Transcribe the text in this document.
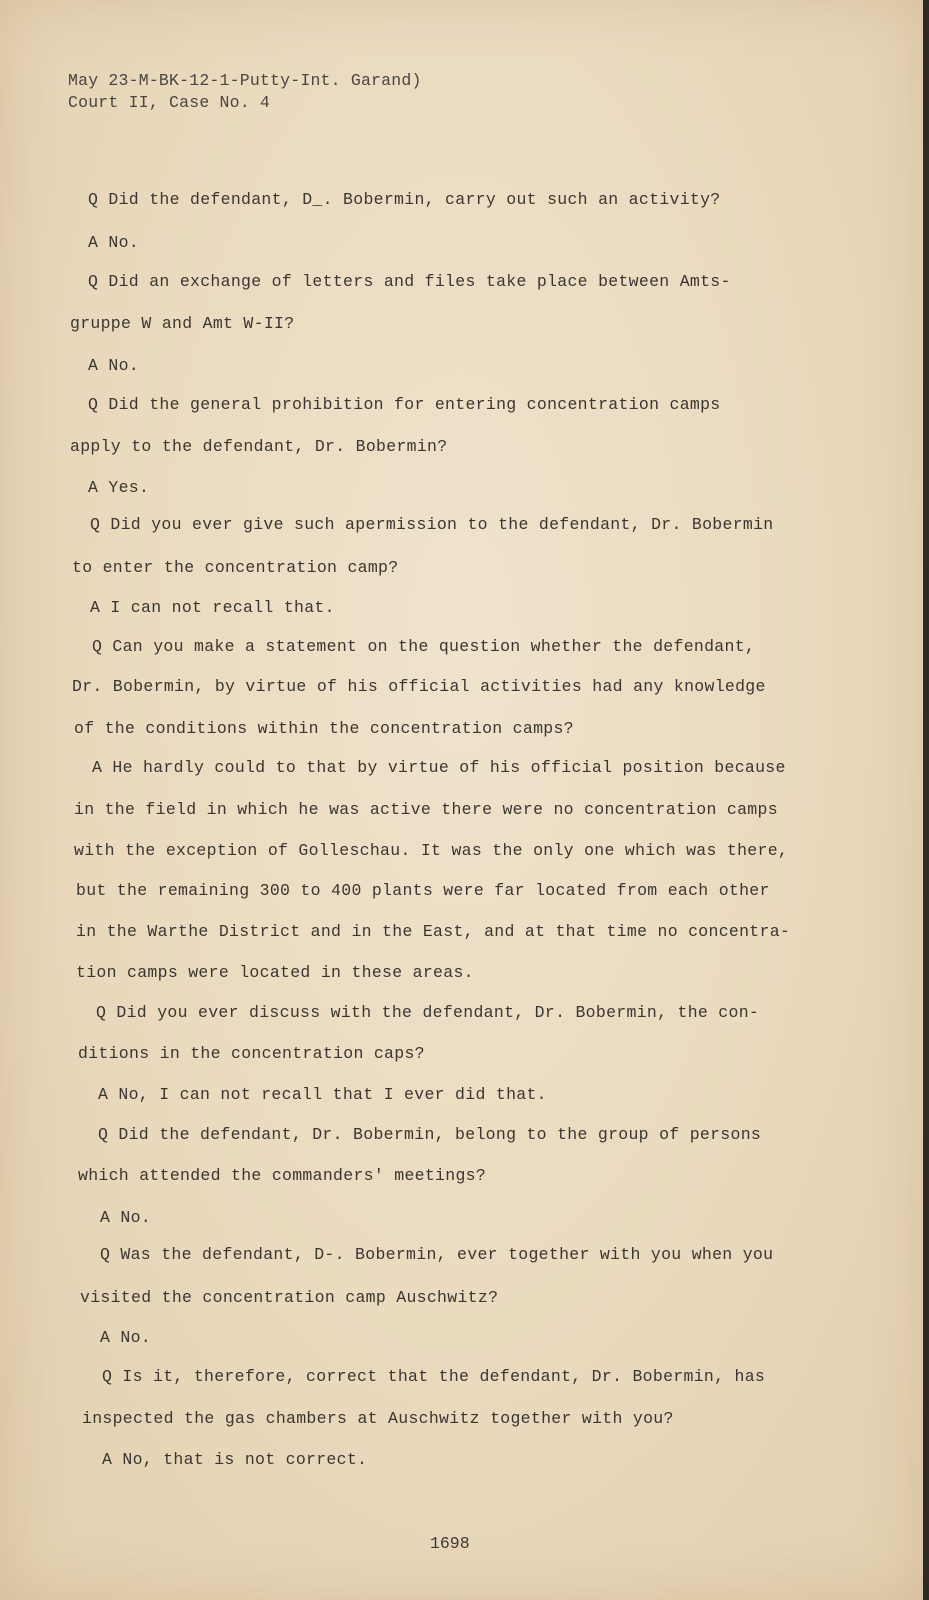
May 23-M-BK-12-1-Putty-Int. Garand)
Court II, Case No. 4
Q Did the defendant, D_. Bobermin, carry out such an activity?
A No.
Q Did an exchange of letters and files take place between Amts-
gruppe W and Amt W-II?
A No.
Q Did the general prohibition for entering concentration camps
apply to the defendant, Dr. Bobermin?
A Yes.
Q Did you ever give such apermission to the defendant, Dr. Bobermin
to enter the concentration camp?
A I can not recall that.
Q Can you make a statement on the question whether the defendant,
Dr. Bobermin, by virtue of his official activities had any knowledge
of the conditions within the concentration camps?
A He hardly could to that by virtue of his official position because
in the field in which he was active there were no concentration camps
with the exception of Golleschau. It was the only one which was there,
but the remaining 300 to 400 plants were far located from each other
in the Warthe District and in the East, and at that time no concentra-
tion camps were located in these areas.
Q Did you ever discuss with the defendant, Dr. Bobermin, the con-
ditions in the concentration caps?
A No, I can not recall that I ever did that.
Q Did the defendant, Dr. Bobermin, belong to the group of persons
which attended the commanders' meetings?
A No.
Q Was the defendant, D-. Bobermin, ever together with you when you
visited the concentration camp Auschwitz?
A No.
Q Is it, therefore, correct that the defendant, Dr. Bobermin, has
inspected the gas chambers at Auschwitz together with you?
A No, that is not correct.
1698
